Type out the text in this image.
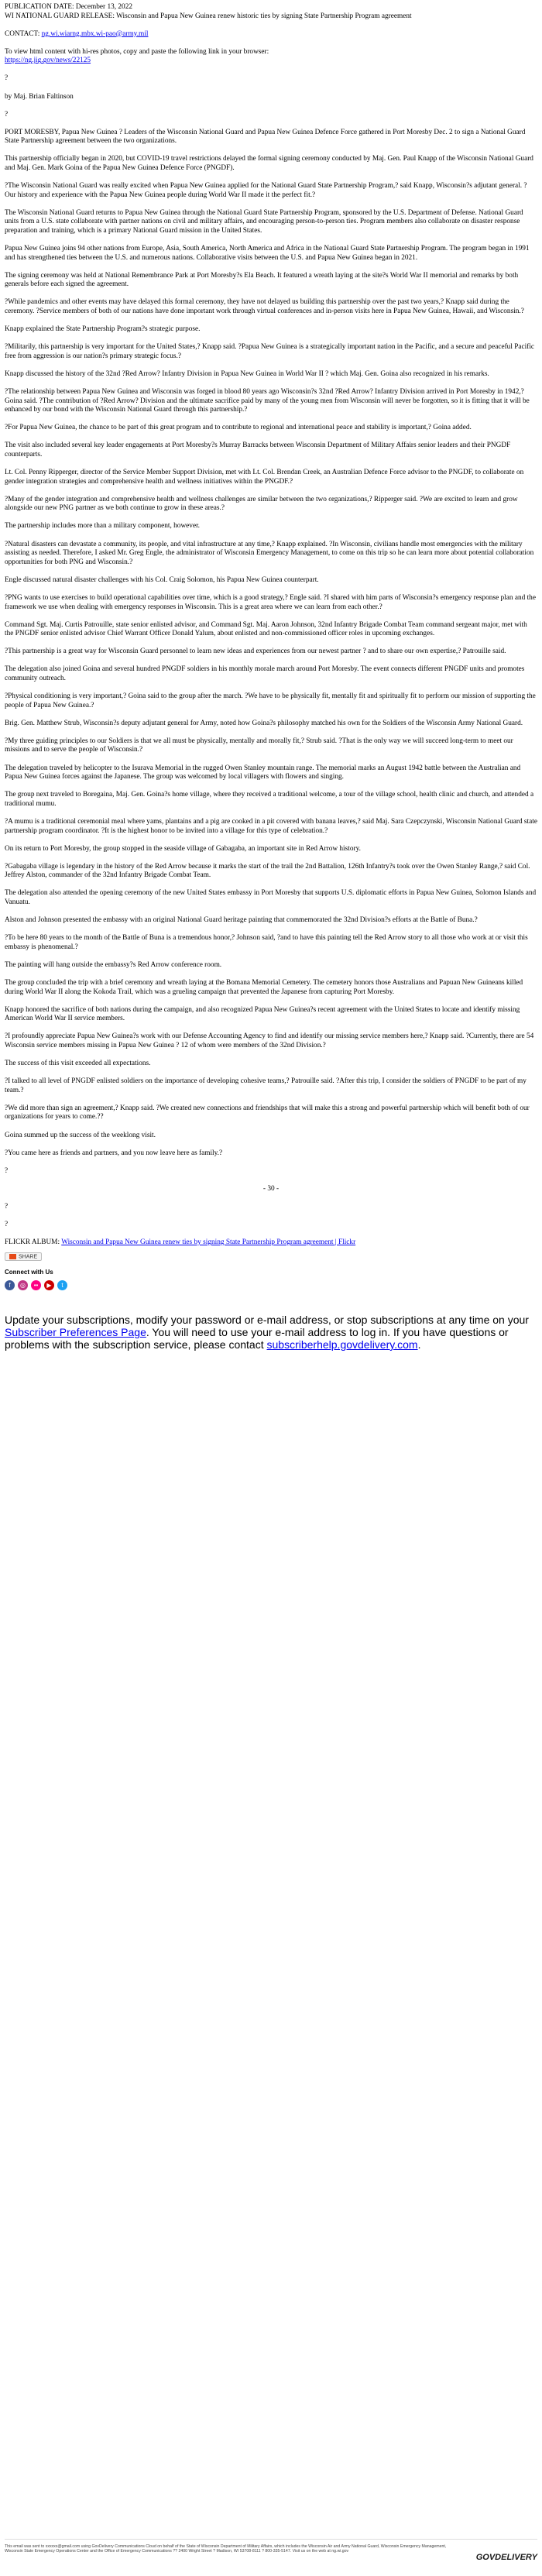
PUBLICATION DATE: December 13, 2022
WI NATIONAL GUARD RELEASE: Wisconsin and Papua New Guinea renew historic ties by signing State Partnership Program agreement
CONTACT: ng.wi.wiarng.mbx.wi-pao@army.mil
To view html content with hi-res photos, copy and paste the following link in your browser:
https://ng.jig.gov/news/22125
?
by Maj. Brian Faltinson
?
PORT MORESBY, Papua New Guinea ? Leaders of the Wisconsin National Guard and Papua New Guinea Defence Force gathered in Port Moresby Dec. 2 to sign a National Guard State Partnership agreement between the two organizations.
This partnership officially began in 2020, but COVID-19 travel restrictions delayed the formal signing ceremony conducted by Maj. Gen. Paul Knapp of the Wisconsin National Guard and Maj. Gen. Mark Goina of the Papua New Guinea Defence Force (PNGDF).
?The Wisconsin National Guard was really excited when Papua New Guinea applied for the National Guard State Partnership Program,? said Knapp, Wisconsin?s adjutant general. ?Our history and experience with the Papua New Guinea people during World War II made it the perfect fit.?
The Wisconsin National Guard returns to Papua New Guinea through the National Guard State Partnership Program, sponsored by the U.S. Department of Defense. National Guard units from a U.S. state collaborate with partner nations on civil and military affairs, and encouraging person-to-person ties. Program members also collaborate on disaster response preparation and training, which is a primary National Guard mission in the United States.
Papua New Guinea joins 94 other nations from Europe, Asia, South America, North America and Africa in the National Guard State Partnership Program. The program began in 1991 and has strengthened ties between the U.S. and numerous nations. Collaborative visits between the U.S. and Papua New Guinea began in 2021.
The signing ceremony was held at National Remembrance Park at Port Moresby?s Ela Beach. It featured a wreath laying at the site?s World War II memorial and remarks by both generals before each signed the agreement.
?While pandemics and other events may have delayed this formal ceremony, they have not delayed us building this partnership over the past two years,? Knapp said during the ceremony. ?Service members of both of our nations have done important work through virtual conferences and in-person visits here in Papua New Guinea, Hawaii, and Wisconsin.?
Knapp explained the State Partnership Program?s strategic purpose.
?Militarily, this partnership is very important for the United States,? Knapp said. ?Papua New Guinea is a strategically important nation in the Pacific, and a secure and peaceful Pacific free from aggression is our nation?s primary strategic focus.?
Knapp discussed the history of the 32nd ?Red Arrow? Infantry Division in Papua New Guinea in World War II ? which Maj. Gen. Goina also recognized in his remarks.
?The relationship between Papua New Guinea and Wisconsin was forged in blood 80 years ago Wisconsin?s 32nd ?Red Arrow? Infantry Division arrived in Port Moresby in 1942,? Goina said. ?The contribution of ?Red Arrow? Division and the ultimate sacrifice paid by many of the young men from Wisconsin will never be forgotten, so it is fitting that it will be enhanced by our bond with the Wisconsin National Guard through this partnership.?
?For Papua New Guinea, the chance to be part of this great program and to contribute to regional and international peace and stability is important,? Goina added.
The visit also included several key leader engagements at Port Moresby?s Murray Barracks between Wisconsin Department of Military Affairs senior leaders and their PNGDF counterparts.
Lt. Col. Penny Ripperger, director of the Service Member Support Division, met with Lt. Col. Brendan Creek, an Australian Defence Force advisor to the PNGDF, to collaborate on gender integration strategies and comprehensive health and wellness initiatives within the PNGDF.?
?Many of the gender integration and comprehensive health and wellness challenges are similar between the two organizations,? Ripperger said. ?We are excited to learn and grow alongside our new PNG partner as we both continue to grow in these areas.?
The partnership includes more than a military component, however.
?Natural disasters can devastate a community, its people, and vital infrastructure at any time,? Knapp explained. ?In Wisconsin, civilians handle most emergencies with the military assisting as needed. Therefore, I asked Mr. Greg Engle, the administrator of Wisconsin Emergency Management, to come on this trip so he can learn more about potential collaboration opportunities for both PNG and Wisconsin.?
Engle discussed natural disaster challenges with his Col. Craig Solomon, his Papua New Guinea counterpart.
?PNG wants to use exercises to build operational capabilities over time, which is a good strategy,? Engle said. ?I shared with him parts of Wisconsin?s emergency response plan and the framework we use when dealing with emergency responses in Wisconsin. This is a great area where we can learn from each other.?
Command Sgt. Maj. Curtis Patrouille, state senior enlisted advisor, and Command Sgt. Maj. Aaron Johnson, 32nd Infantry Brigade Combat Team command sergeant major, met with the PNGDF senior enlisted advisor Chief Warrant Officer Donald Yalum, about enlisted and non-commissioned officer roles in upcoming exchanges.
?This partnership is a great way for Wisconsin Guard personnel to learn new ideas and experiences from our newest partner ? and to share our own expertise,? Patrouille said.
The delegation also joined Goina and several hundred PNGDF soldiers in his monthly morale march around Port Moresby. The event connects different PNGDF units and promotes community outreach.
?Physical conditioning is very important,? Goina said to the group after the march. ?We have to be physically fit, mentally fit and spiritually fit to perform our mission of supporting the people of Papua New Guinea.?
Brig. Gen. Matthew Strub, Wisconsin?s deputy adjutant general for Army, noted how Goina?s philosophy matched his own for the Soldiers of the Wisconsin Army National Guard.
?My three guiding principles to our Soldiers is that we all must be physically, mentally and morally fit,? Strub said. ?That is the only way we will succeed long-term to meet our missions and to serve the people of Wisconsin.?
The delegation traveled by helicopter to the Isurava Memorial in the rugged Owen Stanley mountain range. The memorial marks an August 1942 battle between the Australian and Papua New Guinea forces against the Japanese. The group was welcomed by local villagers with flowers and singing.
The group next traveled to Boregaina, Maj. Gen. Goina?s home village, where they received a traditional welcome, a tour of the village school, health clinic and church, and attended a traditional mumu.
?A mumu is a traditional ceremonial meal where yams, plantains and a pig are cooked in a pit covered with banana leaves,? said Maj. Sara Czepczynski, Wisconsin National Guard state partnership program coordinator. ?It is the highest honor to be invited into a village for this type of celebration.?
On its return to Port Moresby, the group stopped in the seaside village of Gabagaba, an important site in Red Arrow history.
?Gabagaba village is legendary in the history of the Red Arrow because it marks the start of the trail the 2nd Battalion, 126th Infantry?s took over the Owen Stanley Range,? said Col. Jeffrey Alston, commander of the 32nd Infantry Brigade Combat Team.
The delegation also attended the opening ceremony of the new United States embassy in Port Moresby that supports U.S. diplomatic efforts in Papua New Guinea, Solomon Islands and Vanuatu.
Alston and Johnson presented the embassy with an original National Guard heritage painting that commemorated the 32nd Division?s efforts at the Battle of Buna.?
?To be here 80 years to the month of the Battle of Buna is a tremendous honor,? Johnson said, ?and to have this painting tell the Red Arrow story to all those who work at or visit this embassy is phenomenal.?
The painting will hang outside the embassy?s Red Arrow conference room.
The group concluded the trip with a brief ceremony and wreath laying at the Bomana Memorial Cemetery. The cemetery honors those Australians and Papuan New Guineans killed during World War II along the Kokoda Trail, which was a grueling campaign that prevented the Japanese from capturing Port Moresby.
Knapp honored the sacrifice of both nations during the campaign, and also recognized Papua New Guinea?s recent agreement with the United States to locate and identify missing American World War II service members.
?I profoundly appreciate Papua New Guinea?s work with our Defense Accounting Agency to find and identify our missing service members here,? Knapp said. ?Currently, there are 54 Wisconsin service members missing in Papua New Guinea ? 12 of whom were members of the 32nd Division.?
The success of this visit exceeded all expectations.
?I talked to all level of PNGDF enlisted soldiers on the importance of developing cohesive teams,? Patrouille said. ?After this trip, I consider the soldiers of PNGDF to be part of my team.?
?We did more than sign an agreement,? Knapp said. ?We created new connections and friendships that will make this a strong and powerful partnership which will benefit both of our organizations for years to come.??
Goina summed up the success of the weeklong visit.
?You came here as friends and partners, and you now leave here as family.?
?
- 30 -
?
?
FLICKR ALBUM: Wisconsin and Papua New Guinea renew ties by signing State Partnership Program agreement | Flickr
SHARE
Connect with Us
f	◎	••	▶	t
Update your subscriptions, modify your password or e-mail address, or stop subscriptions at any time on your Subscriber Preferences Page. You will need to use your e-mail address to log in. If you have questions or problems with the subscription service, please contact subscriberhelp.govdelivery.com.
This email was sent to xxxxxx@gmail.com using GovDelivery Communications Cloud on behalf of the State of Wisconsin Department of Military Affairs, which includes the Wisconsin Air and Army National Guard, Wisconsin Emergency Management, Wisconsin State Emergency Operations Center and the Office of Emergency Communications ?? 2400 Wright Street ? Madison, WI 53708-8111 ? 800-335-5147. Visit us on the web at ng.wi.gov
GOVDELIVERY
